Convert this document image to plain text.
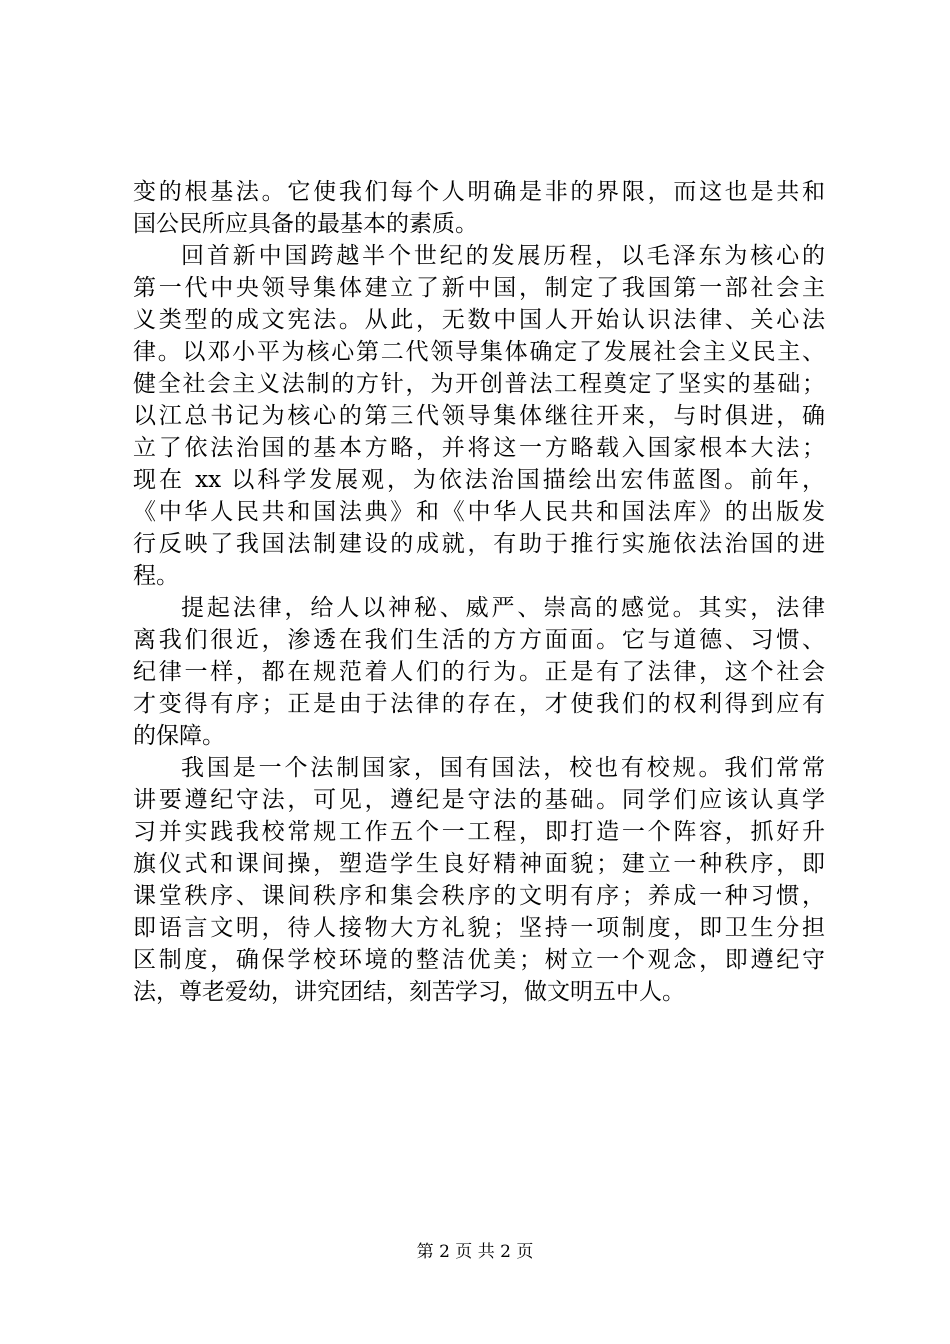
变的根基法。它使我们每个人明确是非的界限，而这也是共和
国公民所应具备的最基本的素质。
回首新中国跨越半个世纪的发展历程，以毛泽东为核心的
第一代中央领导集体建立了新中国，制定了我国第一部社会主
义类型的成文宪法。从此，无数中国人开始认识法律、关心法
律。以邓小平为核心第二代领导集体确定了发展社会主义民主、
健全社会主义法制的方针，为开创普法工程奠定了坚实的基础；
以江总书记为核心的第三代领导集体继往开来，与时俱进，确
立了依法治国的基本方略，并将这一方略载入国家根本大法；
现在 xx 以科学发展观，为依法治国描绘出宏伟蓝图。前年，
《中华人民共和国法典》和《中华人民共和国法库》的出版发
行反映了我国法制建设的成就，有助于推行实施依法治国的进
程。
提起法律，给人以神秘、威严、崇高的感觉。其实，法律
离我们很近，渗透在我们生活的方方面面。它与道德、习惯、
纪律一样，都在规范着人们的行为。正是有了法律，这个社会
才变得有序；正是由于法律的存在，才使我们的权利得到应有
的保障。
我国是一个法制国家，国有国法，校也有校规。我们常常
讲要遵纪守法，可见，遵纪是守法的基础。同学们应该认真学
习并实践我校常规工作五个一工程，即打造一个阵容，抓好升
旗仪式和课间操，塑造学生良好精神面貌；建立一种秩序，即
课堂秩序、课间秩序和集会秩序的文明有序；养成一种习惯，
即语言文明，待人接物大方礼貌；坚持一项制度，即卫生分担
区制度，确保学校环境的整洁优美；树立一个观念，即遵纪守
法，尊老爱幼，讲究团结，刻苦学习，做文明五中人。
第 2 页 共 2 页
